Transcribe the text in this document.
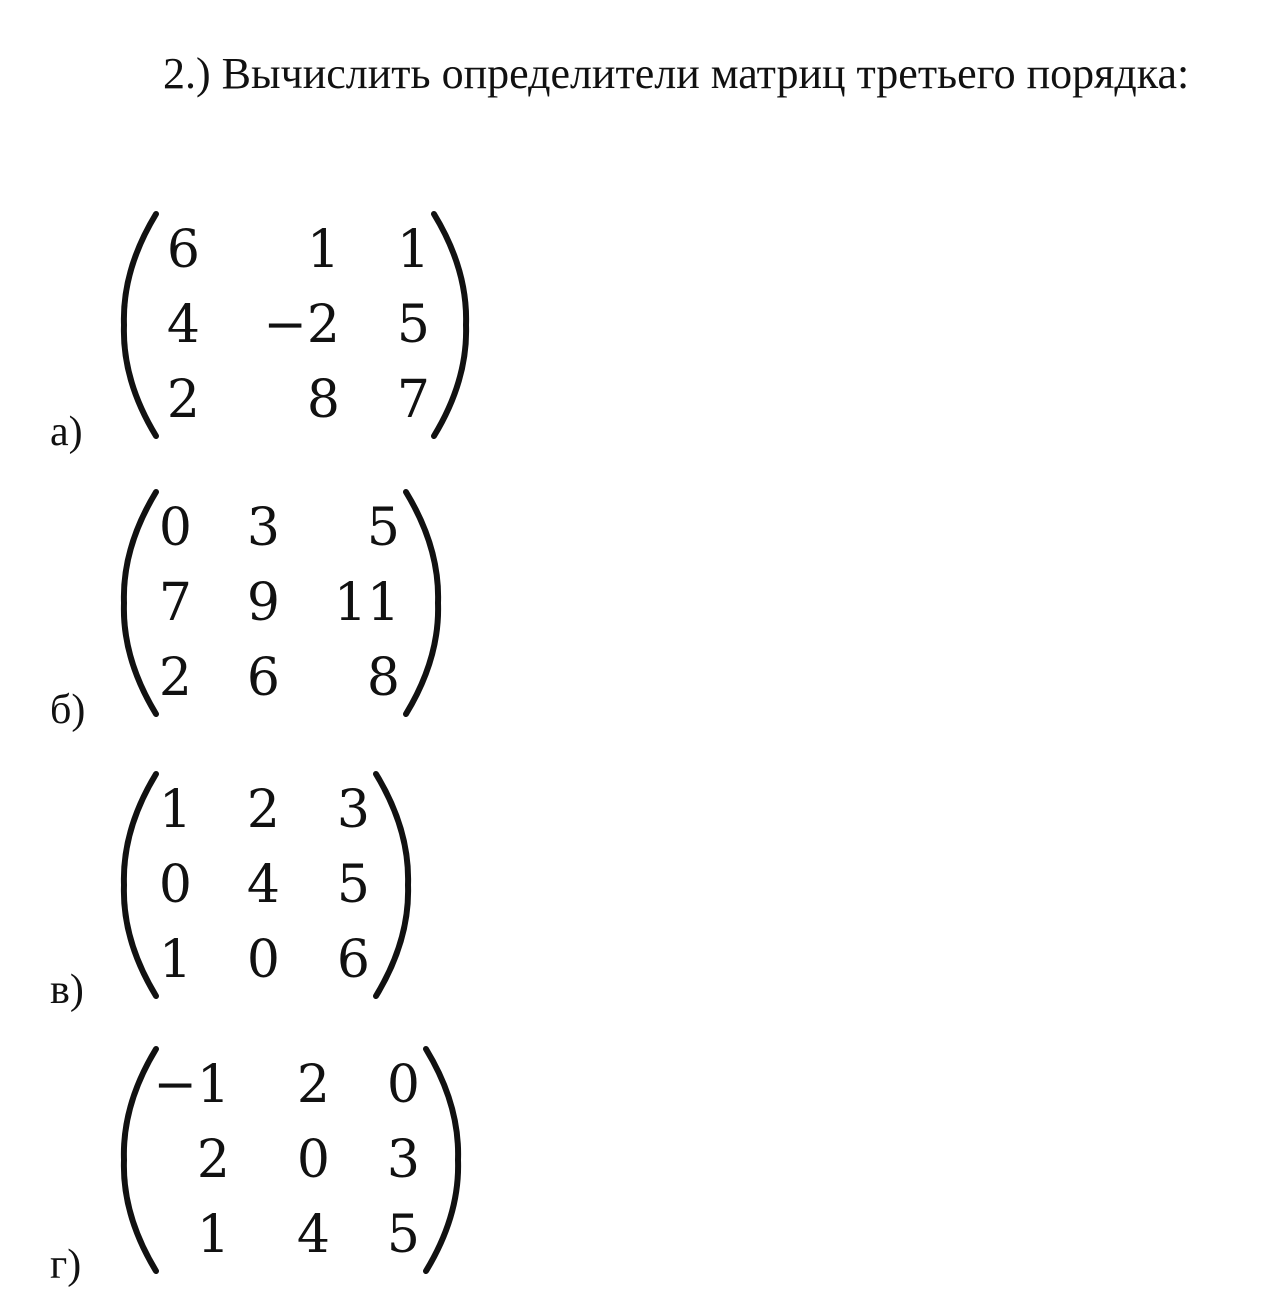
2.) Вычислить определители матриц третьего порядка:
а)
6	1	1
4	−2	5
2	8	7
б)
0	3	5
7	9	11
2	6	8
в)
1	2	3
0	4	5
1	0	6
г)
−1	2	0
2	0	3
1	4	5
